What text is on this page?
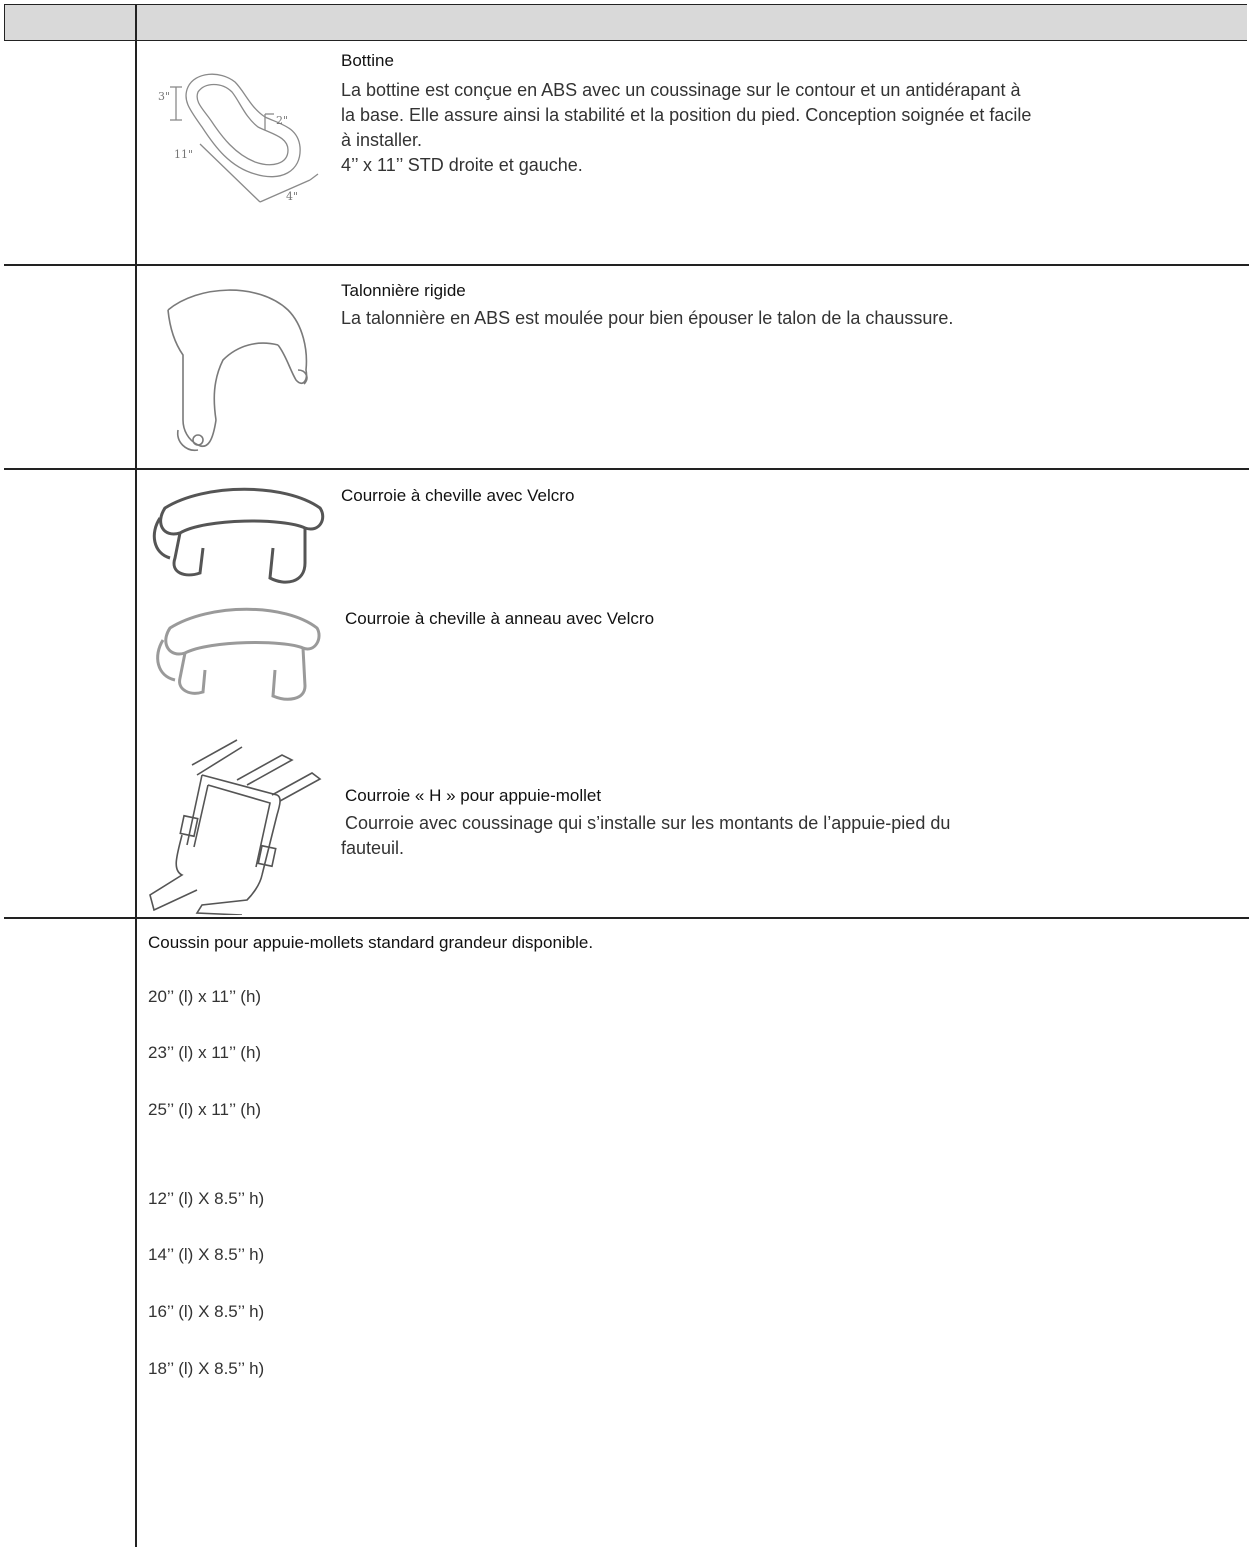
3"
2"
11"
4"
Bottine
La bottine est conçue en ABS avec un coussinage sur le contour et un antidérapant à
la base. Elle assure ainsi la stabilité et la position du pied. Conception soignée et facile
à installer.
4’’ x 11’’ STD droite et gauche.
Talonnière rigide
La talonnière en ABS est moulée pour bien épouser le talon de la chaussure.
Courroie à cheville avec Velcro
Courroie à cheville à anneau avec Velcro
Courroie « H » pour appuie-mollet
Courroie avec coussinage qui s’installe sur les montants de l’appuie-pied du
fauteuil.
Coussin pour appuie-mollets standard grandeur disponible.
20’’ (l) x 11’’ (h)
23’’ (l) x 11’’ (h)
25’’ (l) x 11’’ (h)
12’’ (l) X 8.5’’ h)
14’’ (l) X 8.5’’ h)
16’’ (l) X 8.5’’ h)
18’’ (l) X 8.5’’ h)
